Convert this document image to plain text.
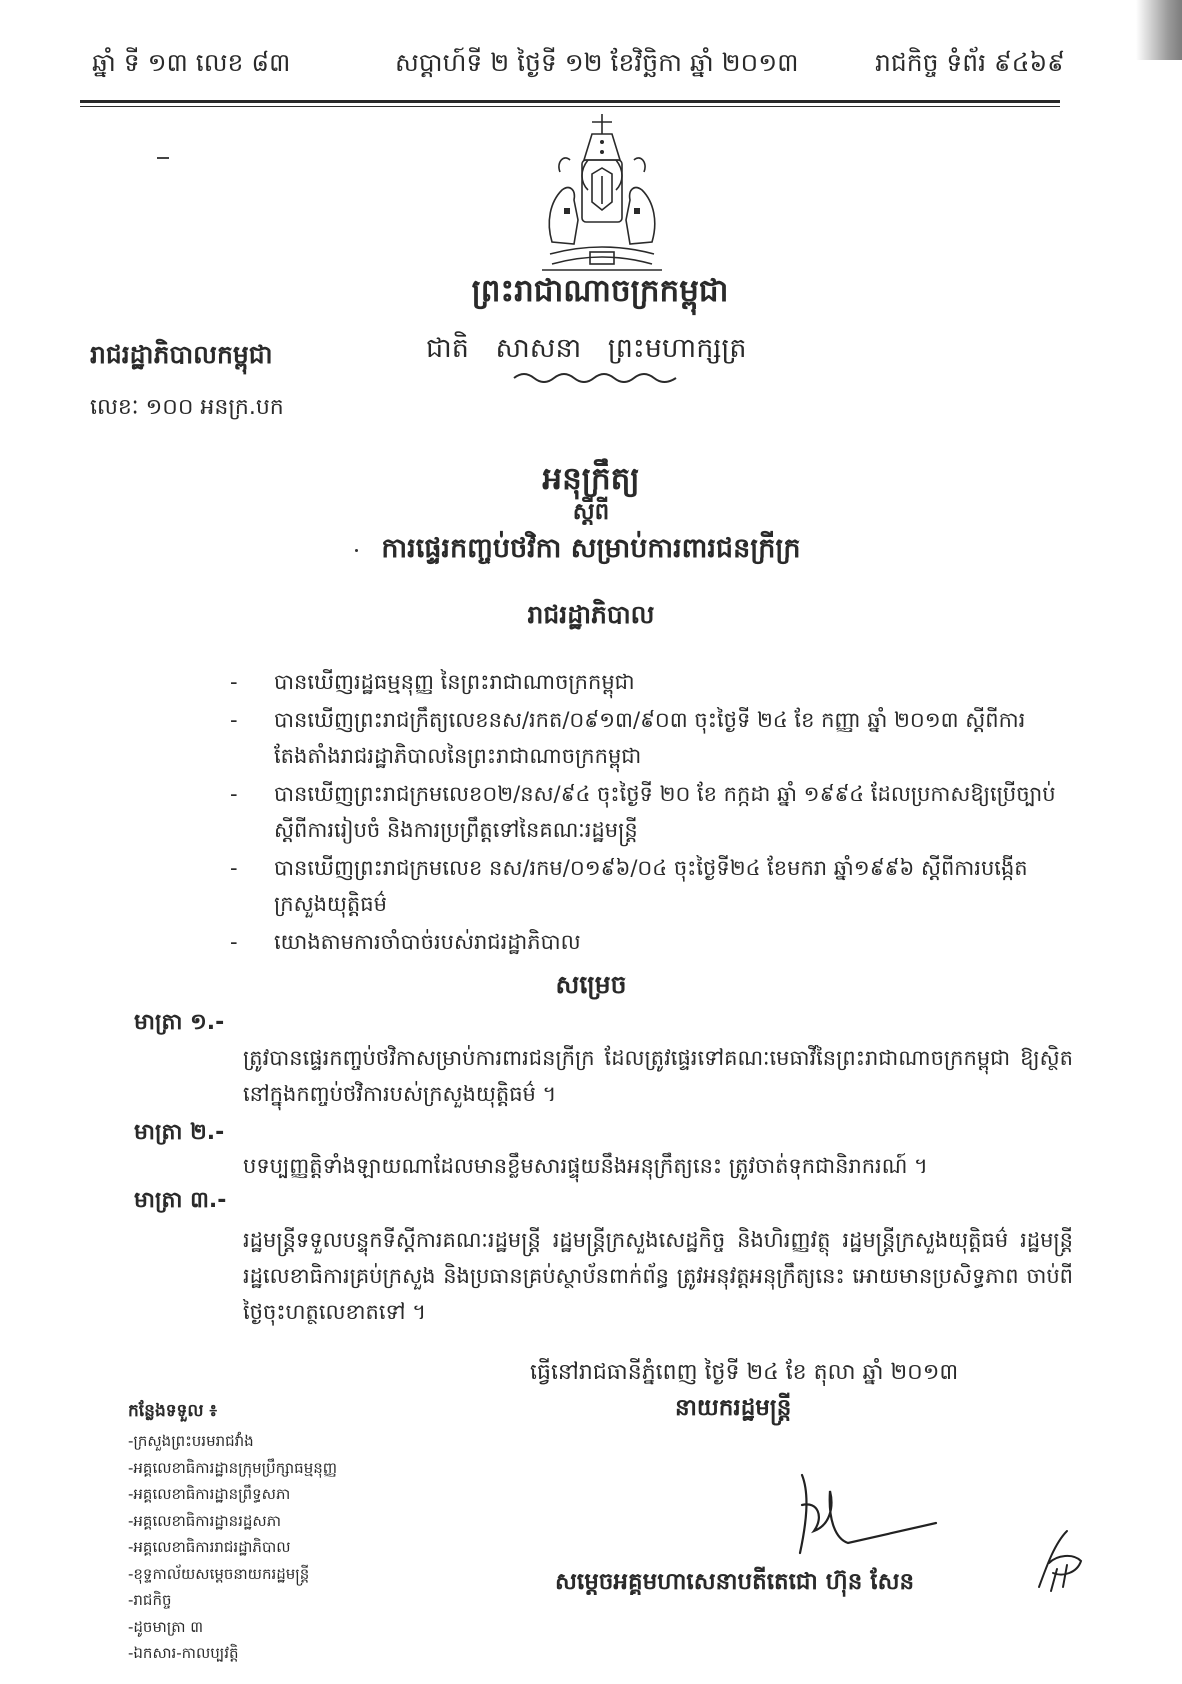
ឆ្នាំ ទី ១៣ លេខ ៨៣	សប្ដាហ៍ទី ២ ថ្ងៃទី ១២ ខែវិច្ឆិកា ឆ្នាំ ២០១៣	រាជកិច្ច ទំព័រ ៩៤៦៩
ព្រះរាជាណាចក្រកម្ពុជា
ជាតិ សាសនា ព្រះមហាក្សត្រ
រាជរដ្ឋាភិបាលកម្ពុជា
លេខៈ ១០០ អនក្រ.បក
អនុក្រឹត្យ
ស្ដីពី
ការផ្ទេរកញ្ចប់ថវិកា សម្រាប់ការពារជនក្រីក្រ
រាជរដ្ឋាភិបាល
- បានឃើញរដ្ឋធម្មនុញ្ញ នៃព្រះរាជាណាចក្រកម្ពុជា
- បានឃើញព្រះរាជក្រឹត្យលេខនស/រកត/០៩១៣/៩០៣ ចុះថ្ងៃទី ២៤ ខែ កញ្ញា ឆ្នាំ ២០១៣ ស្ដីពីការតែងតាំងរាជរដ្ឋាភិបាលនៃព្រះរាជាណាចក្រកម្ពុជា
- បានឃើញព្រះរាជក្រមលេខ០២/នស/៩៤ ចុះថ្ងៃទី ២០ ខែ កក្កដា ឆ្នាំ ១៩៩៤ ដែលប្រកាសឱ្យប្រើច្បាប់ ស្ដីពីការរៀបចំ និងការប្រព្រឹត្តទៅនៃគណៈរដ្ឋមន្ត្រី
- បានឃើញព្រះរាជក្រមលេខ នស/រកម/០១៩៦/០៤ ចុះថ្ងៃទី២៤ ខែមករា ឆ្នាំ១៩៩៦ ស្ដីពីការបង្កើតក្រសួងយុត្តិធម៌
- យោងតាមការចាំបាច់របស់រាជរដ្ឋាភិបាល
សម្រេច
មាត្រា ១.-
ត្រូវបានផ្ទេរកញ្ចប់ថវិកាសម្រាប់ការពារជនក្រីក្រ ដែលត្រូវផ្ទេរទៅគណៈមេធាវីនៃព្រះរាជាណាចក្រកម្ពុជា ឱ្យស្ថិតនៅក្នុងកញ្ចប់ថវិការបស់ក្រសួងយុត្តិធម៌ ។
មាត្រា ២.-
បទប្បញ្ញត្តិទាំងឡាយណាដែលមានខ្លឹមសារផ្ទុយនឹងអនុក្រឹត្យនេះ ត្រូវចាត់ទុកជានិរាករណ៍ ។
មាត្រា ៣.-
រដ្ឋមន្ត្រីទទួលបន្ទុកទីស្ដីការគណៈរដ្ឋមន្ត្រី រដ្ឋមន្ត្រីក្រសួងសេដ្ឋកិច្ច និងហិរញ្ញវត្ថុ រដ្ឋមន្ត្រីក្រសួងយុត្តិធម៌ រដ្ឋមន្ត្រី រដ្ឋលេខាធិការគ្រប់ក្រសួង និងប្រធានគ្រប់ស្ថាប័នពាក់ព័ន្ធ ត្រូវអនុវត្តអនុក្រឹត្យនេះ អោយមានប្រសិទ្ធភាព ចាប់ពីថ្ងៃចុះហត្ថលេខាតទៅ ។
ធ្វើនៅរាជធានីភ្នំពេញ ថ្ងៃទី ២៤ ខែ តុលា ឆ្នាំ ២០១៣
នាយករដ្ឋមន្ត្រី
សម្ដេចអគ្គមហាសេនាបតីតេជោ ហ៊ុន សែន
កន្លែងទទួល ៖
-ក្រសួងព្រះបរមរាជវាំង
-អគ្គលេខាធិការដ្ឋានក្រុមប្រឹក្សាធម្មនុញ្ញ
-អគ្គលេខាធិការដ្ឋានព្រឹទ្ធសភា
-អគ្គលេខាធិការដ្ឋានរដ្ឋសភា
-អគ្គលេខាធិការរាជរដ្ឋាភិបាល
-ខុទ្ទកាល័យសម្ដេចនាយករដ្ឋមន្ត្រី
-រាជកិច្ច
-ដូចមាត្រា ៣
-ឯកសារ-កាលប្បវត្តិ
